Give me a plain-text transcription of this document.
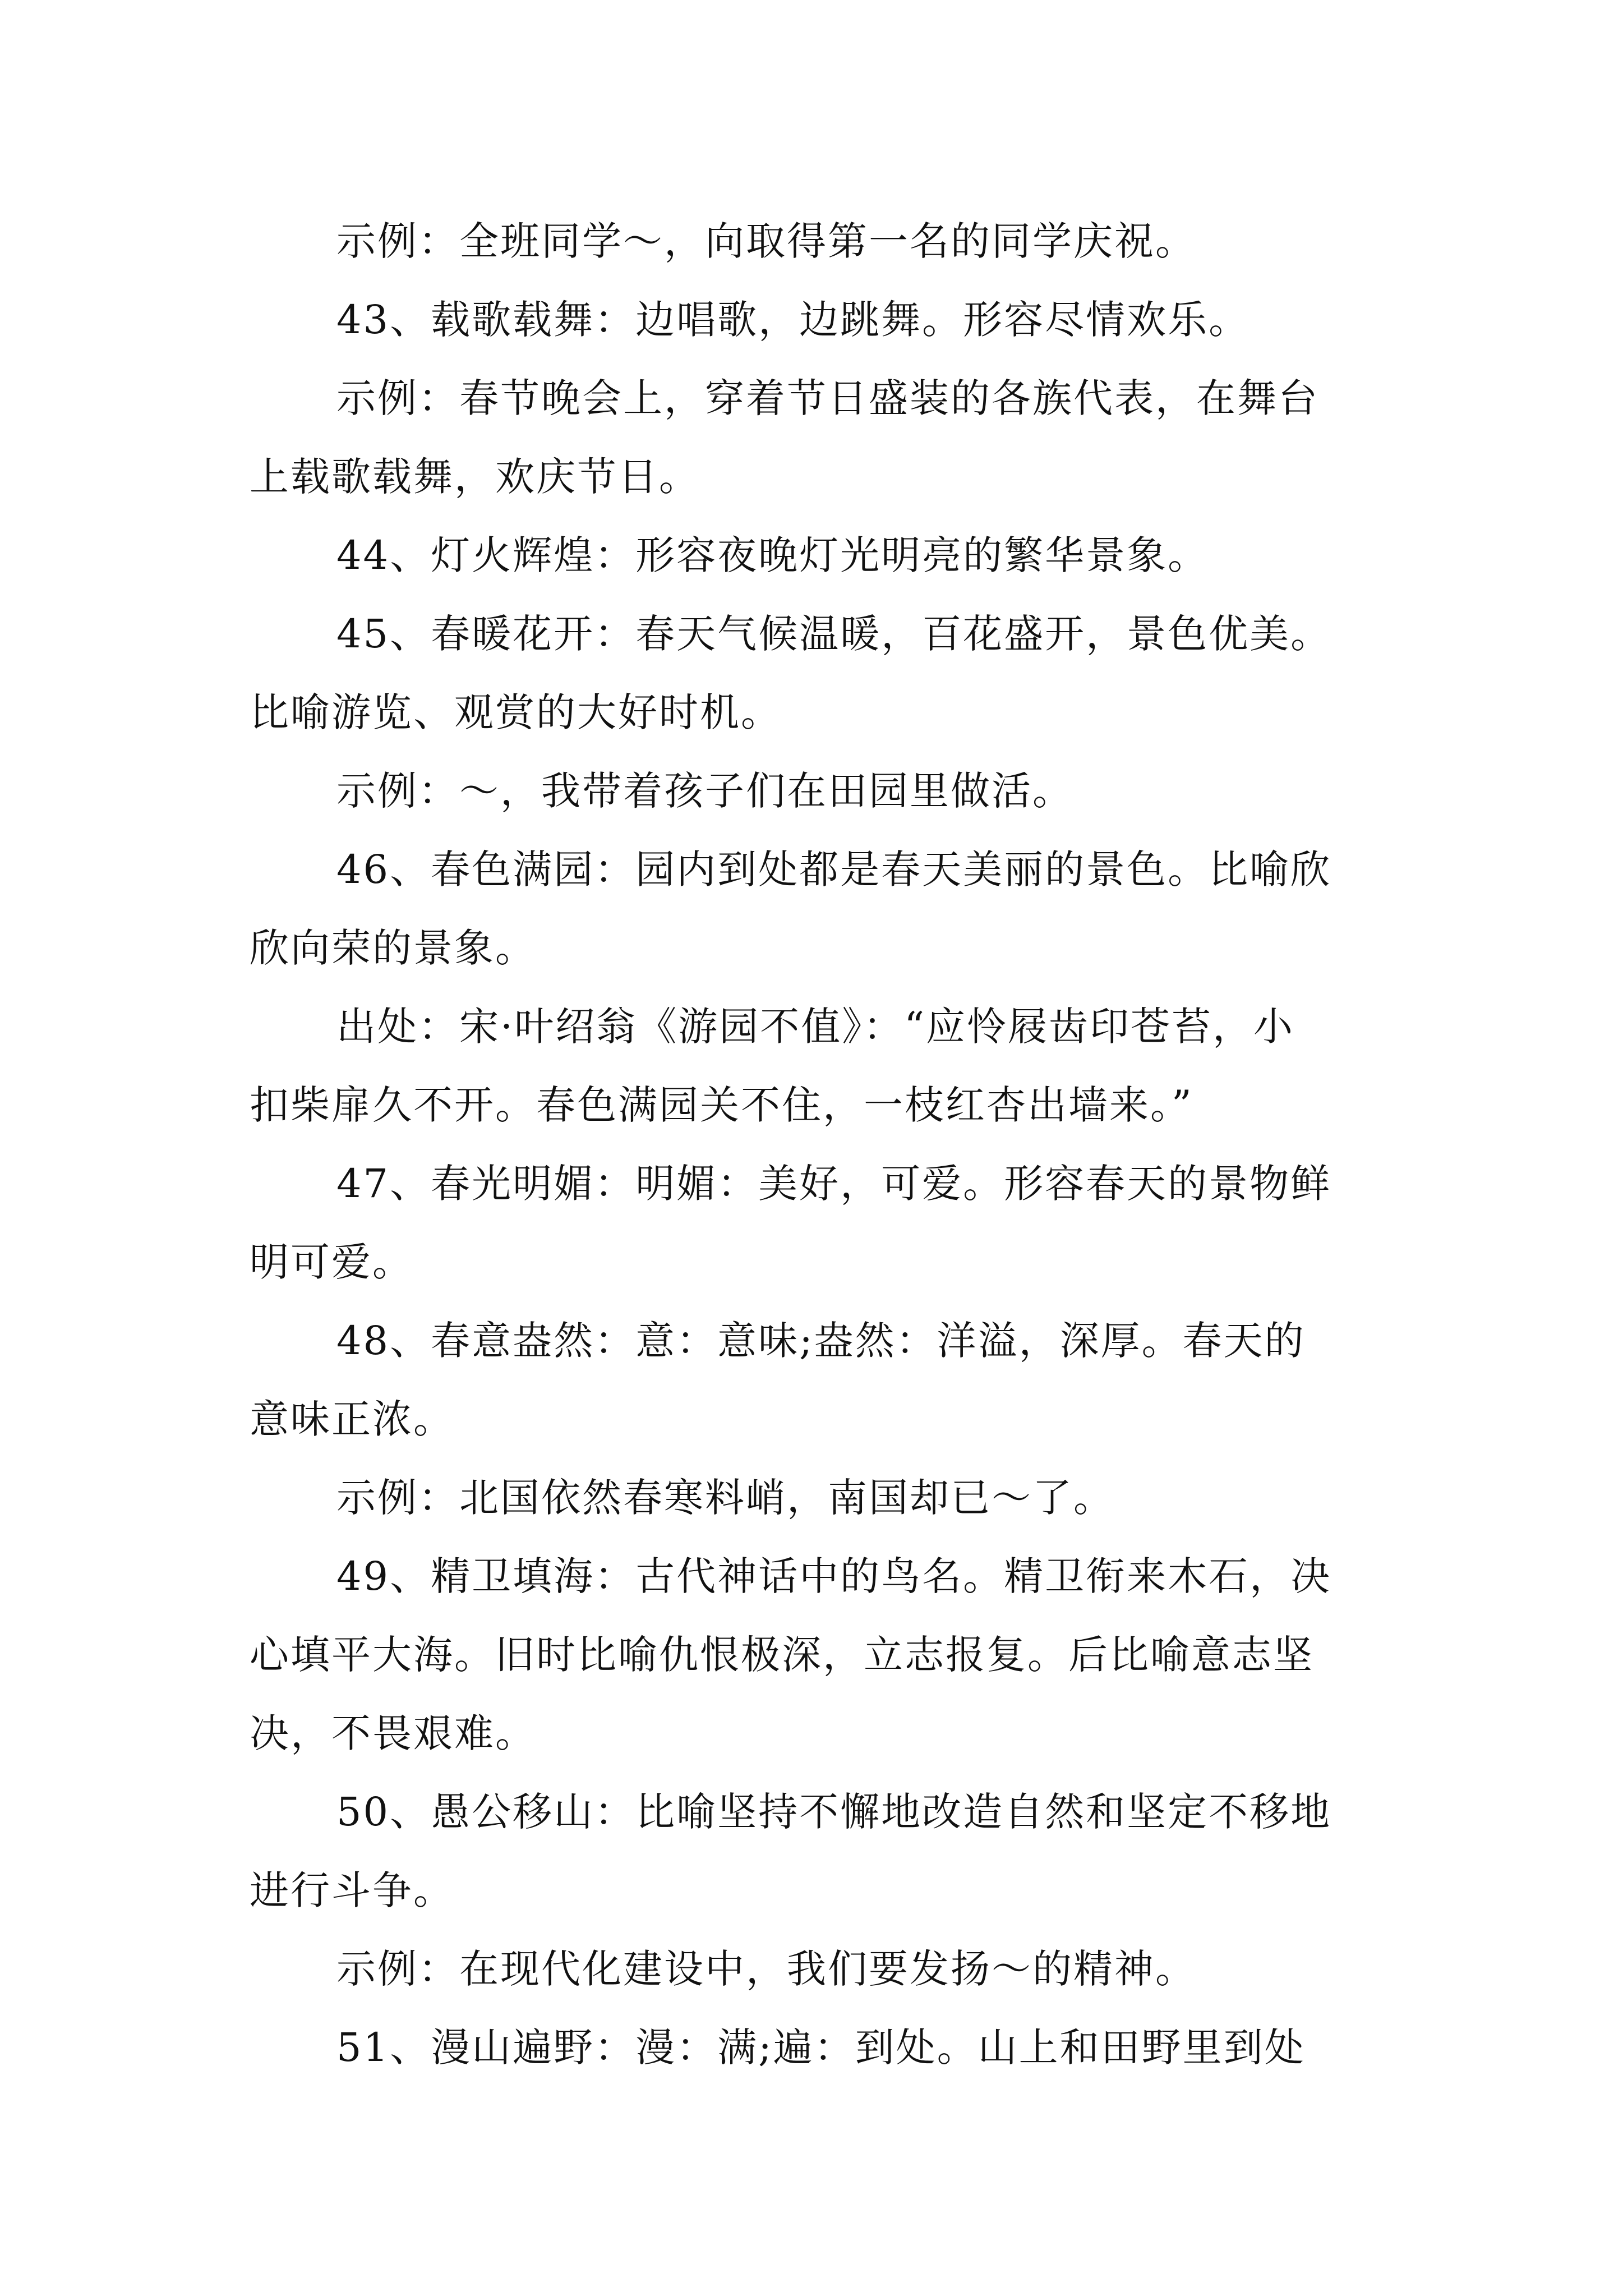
示例：全班同学～，向取得第一名的同学庆祝。
43、载歌载舞：边唱歌，边跳舞。形容尽情欢乐。
示例：春节晚会上，穿着节日盛装的各族代表，在舞台
上载歌载舞，欢庆节日。
44、灯火辉煌：形容夜晚灯光明亮的繁华景象。
45、春暖花开：春天气候温暖，百花盛开，景色优美。
比喻游览、观赏的大好时机。
示例：～，我带着孩子们在田园里做活。
46、春色满园：园内到处都是春天美丽的景色。比喻欣
欣向荣的景象。
出处：宋·叶绍翁《游园不值》：“应怜屐齿印苍苔，小
扣柴扉久不开。春色满园关不住，一枝红杏出墙来。”
47、春光明媚：明媚：美好，可爱。形容春天的景物鲜
明可爱。
48、春意盎然：意：意味;盎然：洋溢，深厚。春天的
意味正浓。
示例：北国依然春寒料峭，南国却已～了。
49、精卫填海：古代神话中的鸟名。精卫衔来木石，决
心填平大海。旧时比喻仇恨极深，立志报复。后比喻意志坚
决，不畏艰难。
50、愚公移山：比喻坚持不懈地改造自然和坚定不移地
进行斗争。
示例：在现代化建设中，我们要发扬～的精神。
51、漫山遍野：漫：满;遍：到处。山上和田野里到处
